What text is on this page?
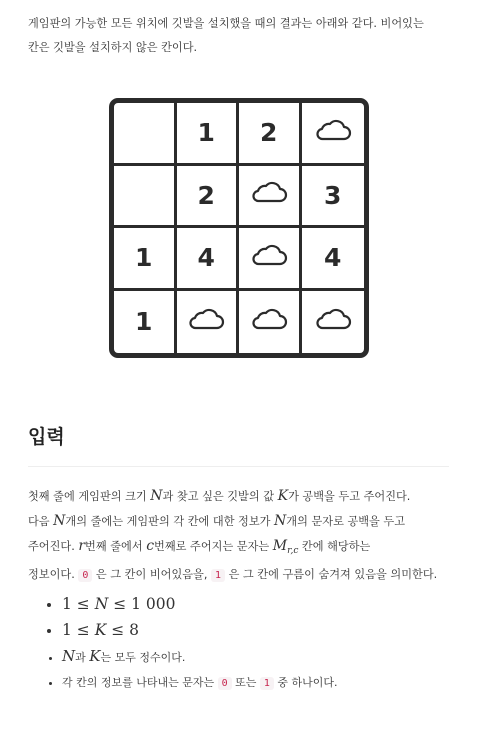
게임판의 가능한 모든 위치에 깃발을 설치했을 때의 결과는 아래와 같다. 비어있는
칸은 깃발을 설치하지 않은 칸이다.
1 2
2	3
1 4	4
1
입력
첫째 줄에 게임판의 크기 N과 찾고 싶은 깃발의 값 K가 공백을 두고 주어진다.
다음 N개의 줄에는 게임판의 각 칸에 대한 정보가 N개의 문자로 공백을 두고
주어진다. r번째 줄에서 c번째로 주어지는 문자는 $M_{r,c}$ 칸에 해당하는
정보이다. 0 은 그 칸이 비어있음을, 1 은 그 칸에 구름이 숨겨져 있음을 의미한다.
• 1 ≤ N ≤ 1 000
• 1 ≤ K ≤ 8
• N과 K는 모두 정수이다.
• 각 칸의 정보를 나타내는 문자는 0 또는 1 중 하나이다.
